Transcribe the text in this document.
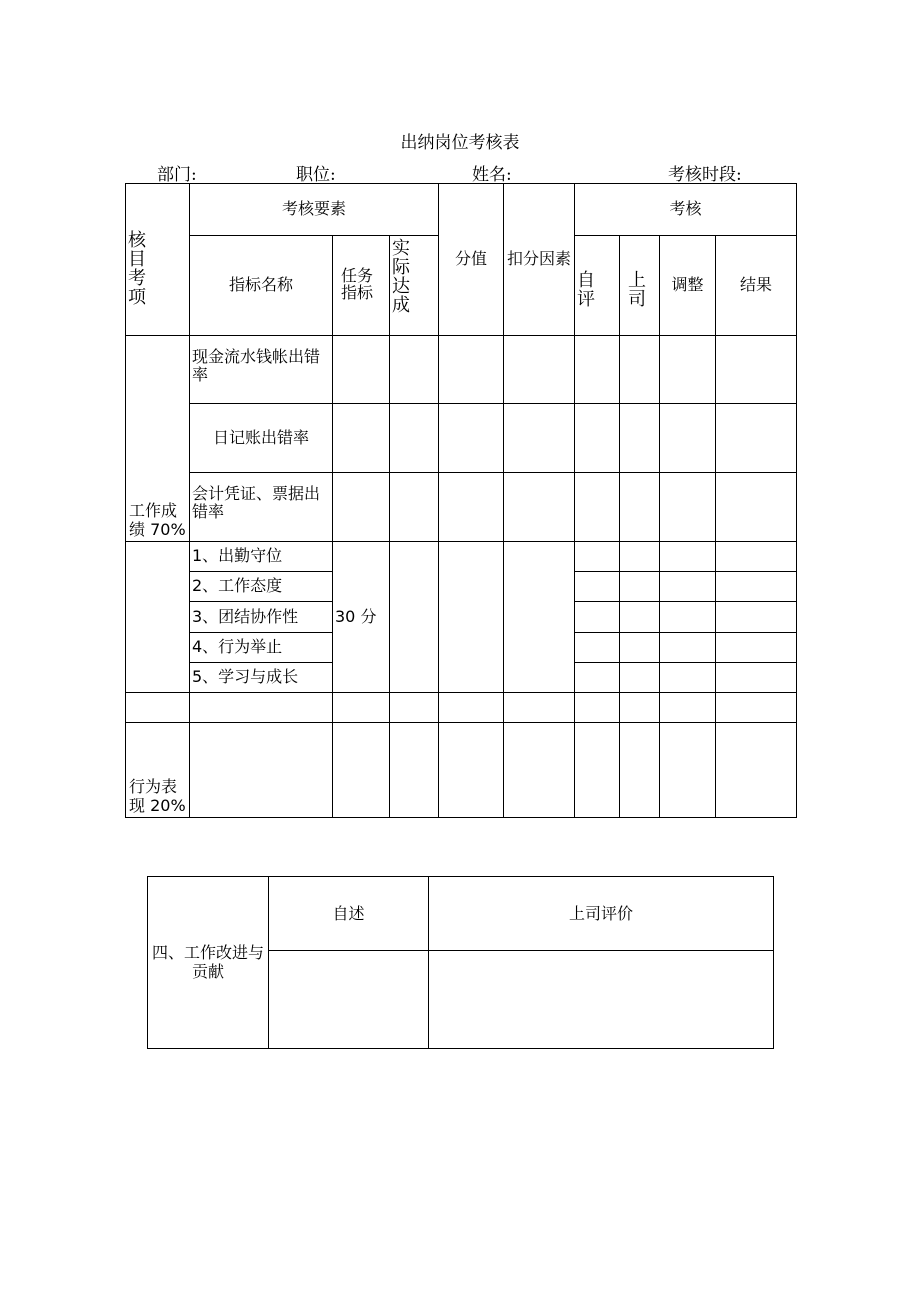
出纳岗位考核表
部门:	职位:	姓名:	考核时段:
核目考项	考核要素			分值	扣分因素	考核			
	指标名称	任务指标	实际达成			自评	上司	调整	结果
工作成绩 70%	现金流水钱帐出错率								
	日记账出错率								
	会计凭证、票据出错率								
	1、出勤守位	30 分							
	2、工作态度								
	3、团结协作性								
	4、行为举止								
	5、学习与成长								

行为表现 20%									
四、工作改进与贡献	自述	上司评价
